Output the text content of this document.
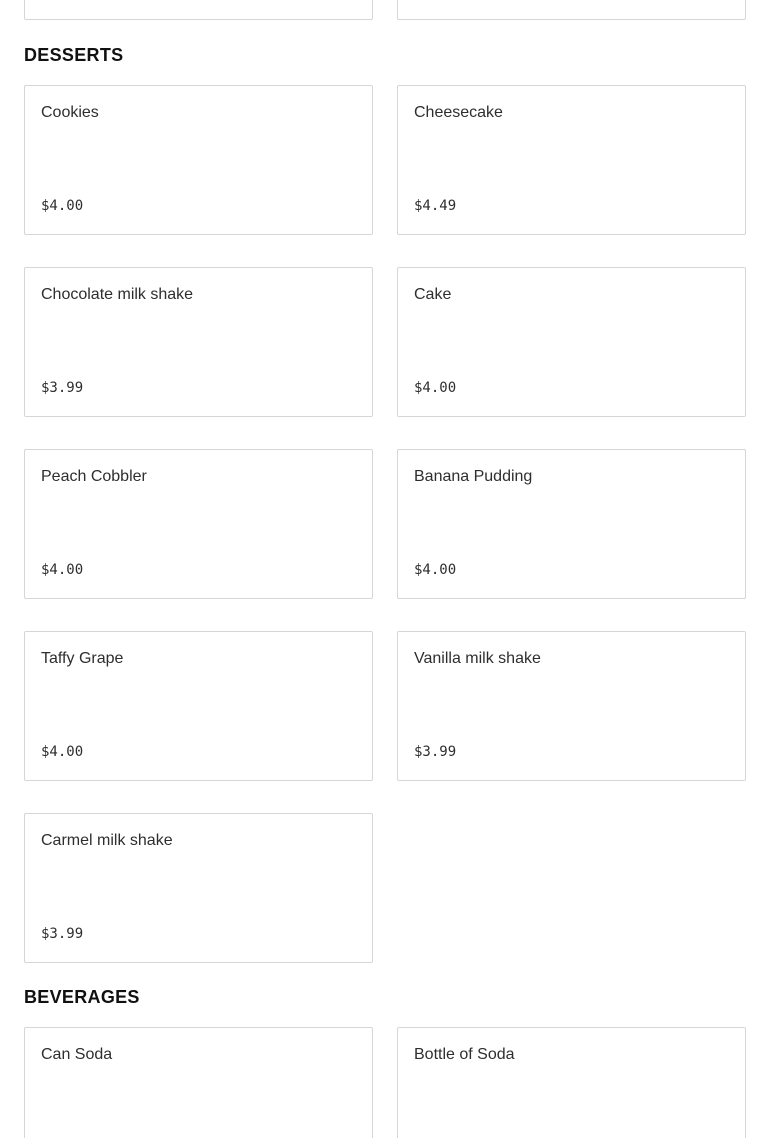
DESSERTS
Cookies
$4.00
Cheesecake
$4.49
Chocolate milk shake
$3.99
Cake
$4.00
Peach Cobbler
$4.00
Banana Pudding
$4.00
Taffy Grape
$4.00
Vanilla milk shake
$3.99
Carmel milk shake
$3.99
BEVERAGES
Can Soda	Bottle of Soda
